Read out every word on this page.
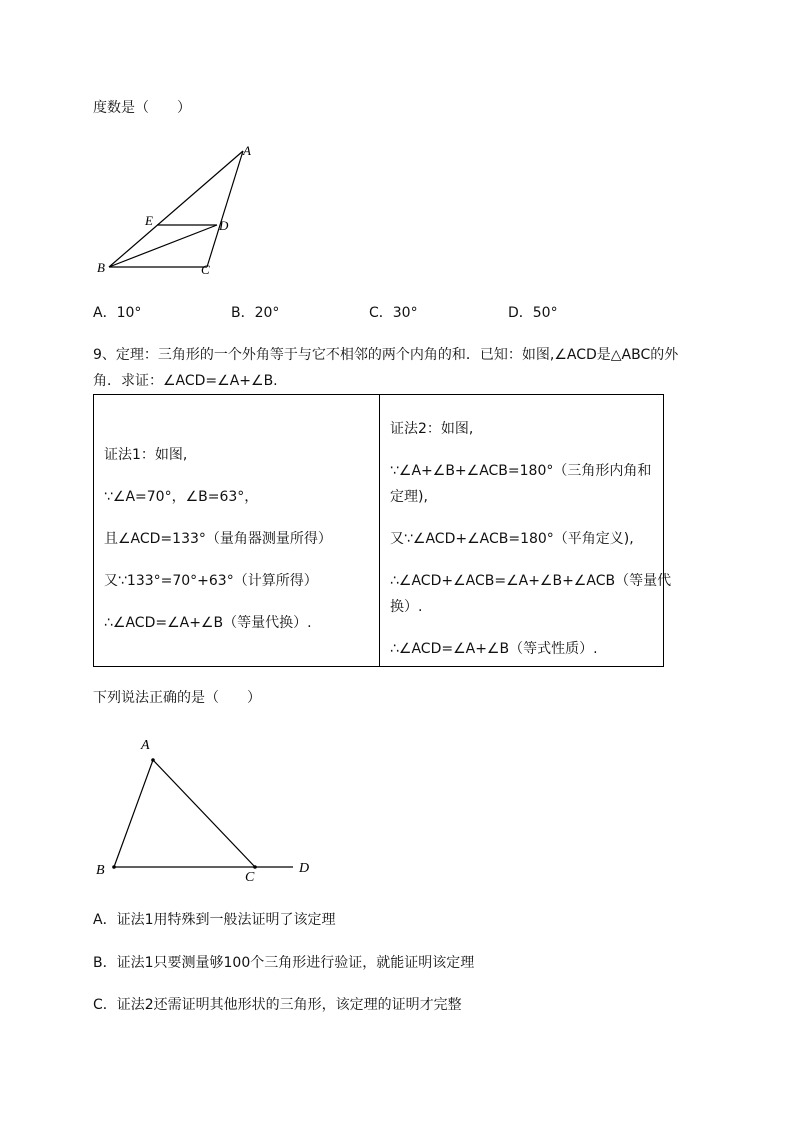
度数是（　　）
A
E	D
B	C
A．10°	B．20°	C．30°	D．50°
9、定理：三角形的一个外角等于与它不相邻的两个内角的和．已知：如图,∠ACD是△ABC的外
角．求证：∠ACD=∠A+∠B.
证法1：如图,
∵∠A=70°，∠B=63°，
且∠ACD=133°（量角器测量所得）
又∵133°=70°+63°（计算所得）
∴∠ACD=∠A+∠B（等量代换）.

证法2：如图,
∵∠A+∠B+∠ACB=180°（三角形内角和
定理),
又∵∠ACD+∠ACB=180°（平角定义),
∴∠ACD+∠ACB=∠A+∠B+∠ACB（等量代
换）.
∴∠ACD=∠A+∠B（等式性质）.
下列说法正确的是（　　）
A
B	C
D
A．证法1用特殊到一般法证明了该定理
B．证法1只要测量够100个三角形进行验证，就能证明该定理
C．证法2还需证明其他形状的三角形，该定理的证明才完整
